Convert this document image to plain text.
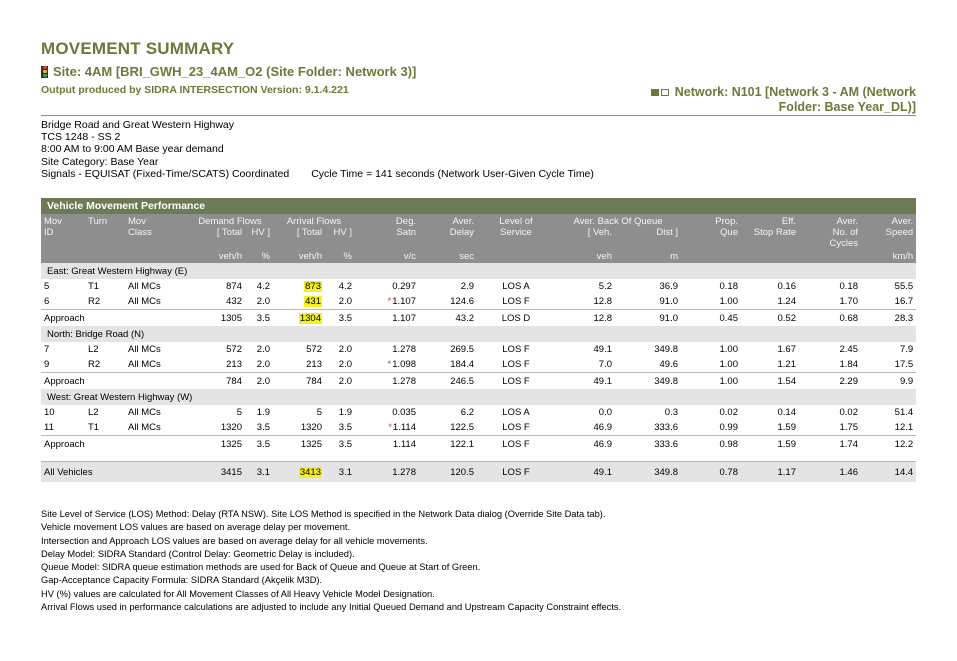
MOVEMENT SUMMARY
Site: 4AM [BRI_GWH_23_4AM_O2 (Site Folder: Network 3)]
Output produced by SIDRA INTERSECTION Version: 9.1.4.221	Network: N101 [Network 3 - AM (Network
Folder: Base Year_DL)]
Bridge Road and Great Western Highway
TCS 1248 - SS 2
8:00 AM to 9:00 AM Base year demand
Site Category: Base Year
Signals - EQUISAT (Fixed-Time/SCATS) Coordinated Cycle Time = 141 seconds (Network User-Given Cycle Time)
Vehicle Movement Performance															
Mov	Turn	Mov	Demand Flows		Arrival Flows		Deg.	Aver.	Level of	Aver. Back Of Queue		Prop.	Eff.	Aver.	Aver.
ID		Class	[ Total	HV ]	[ Total	HV ]	Satn	Delay	Service	[ Veh.	Dist ]	Que	Stop Rate	No. of	Speed
														Cycles	
			veh/h	%	veh/h	%	v/c	sec		veh	m				km/h
East: Great Western Highway (E)															
5	T1	All MCs	874	4.2	873	4.2	0.297	2.9	LOS A	5.2	36.9	0.18	0.16	0.18	55.5
6	R2	All MCs	432	2.0	431	2.0	*1.107	124.6	LOS F	12.8	91.0	1.00	1.24	1.70	16.7
Approach			1305	3.5	1304	3.5	1.107	43.2	LOS D	12.8	91.0	0.45	0.52	0.68	28.3
North: Bridge Road (N)															
7	L2	All MCs	572	2.0	572	2.0	1.278	269.5	LOS F	49.1	349.8	1.00	1.67	2.45	7.9
9	R2	All MCs	213	2.0	213	2.0	*1.098	184.4	LOS F	7.0	49.6	1.00	1.21	1.84	17.5
Approach			784	2.0	784	2.0	1.278	246.5	LOS F	49.1	349.8	1.00	1.54	2.29	9.9
West: Great Western Highway (W)															
10	L2	All MCs	5	1.9	5	1.9	0.035	6.2	LOS A	0.0	0.3	0.02	0.14	0.02	51.4
11	T1	All MCs	1320	3.5	1320	3.5	*1.114	122.5	LOS F	46.9	333.6	0.99	1.59	1.75	12.1
Approach			1325	3.5	1325	3.5	1.114	122.1	LOS F	46.9	333.6	0.98	1.59	1.74	12.2

All Vehicles			3415	3.1	3413	3.1	1.278	120.5	LOS F	49.1	349.8	0.78	1.17	1.46	14.4
Site Level of Service (LOS) Method: Delay (RTA NSW). Site LOS Method is specified in the Network Data dialog (Override Site Data tab).
Vehicle movement LOS values are based on average delay per movement.
Intersection and Approach LOS values are based on average delay for all vehicle movements.
Delay Model: SIDRA Standard (Control Delay: Geometric Delay is included).
Queue Model: SIDRA queue estimation methods are used for Back of Queue and Queue at Start of Green.
Gap-Acceptance Capacity Formula: SIDRA Standard (Akçelik M3D).
HV (%) values are calculated for All Movement Classes of All Heavy Vehicle Model Designation.
Arrival Flows used in performance calculations are adjusted to include any Initial Queued Demand and Upstream Capacity Constraint effects.
